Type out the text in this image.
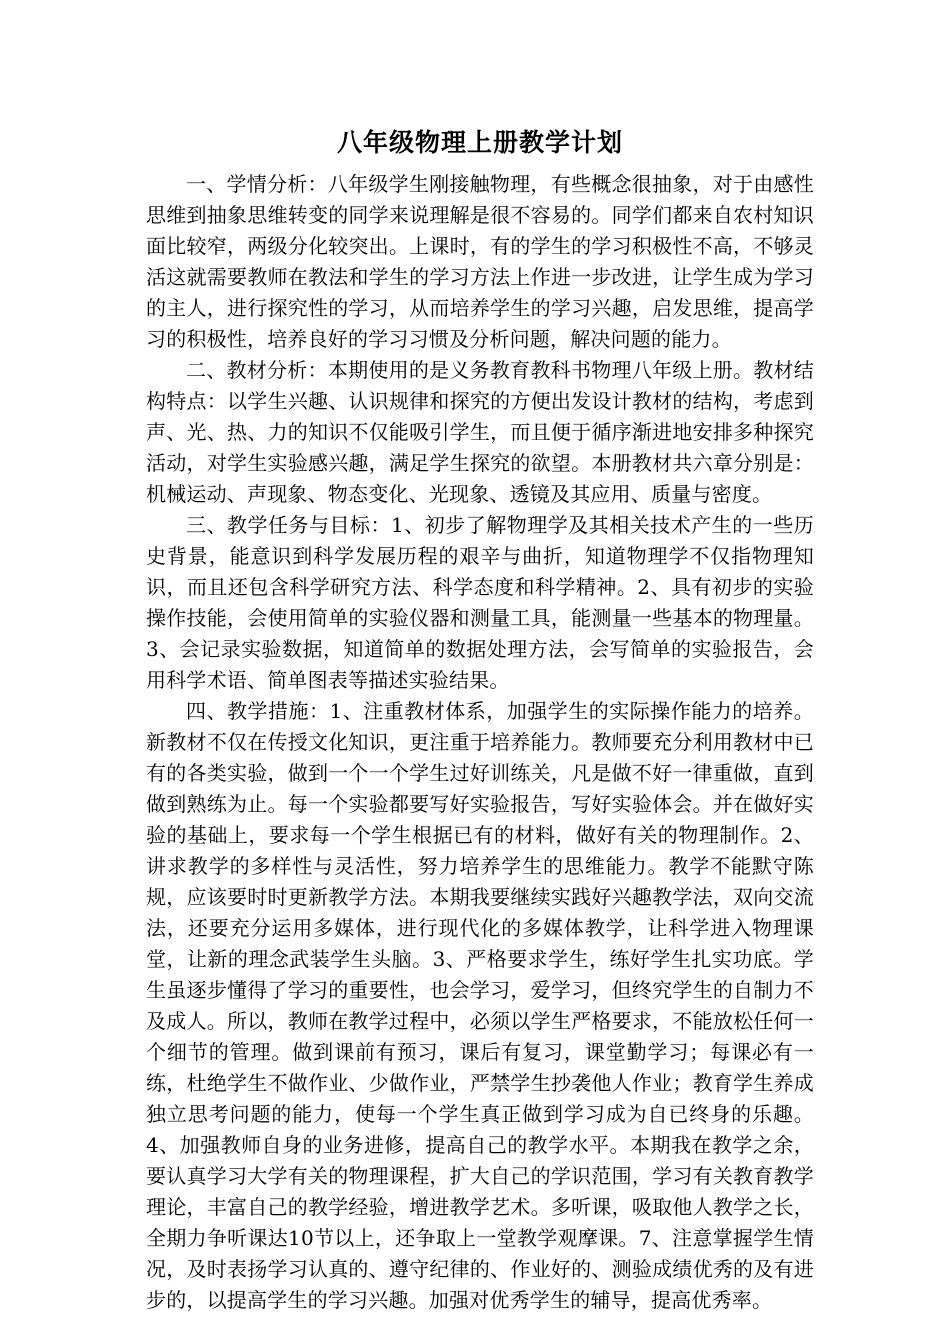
八年级物理上册教学计划

一、学情分析：八年级学生刚接触物理，有些概念很抽象，对于由感性思维到抽象思维转变的同学来说理解是很不容易的。同学们都来自农村知识面比较窄，两级分化较突出。上课时，有的学生的学习积极性不高，不够灵活这就需要教师在教法和学生的学习方法上作进一步改进，让学生成为学习的主人，进行探究性的学习，从而培养学生的学习兴趣，启发思维，提高学习的积极性，培养良好的学习习惯及分析问题，解决问题的能力。

二、教材分析：本期使用的是义务教育教科书物理八年级上册。教材结构特点：以学生兴趣、认识规律和探究的方便出发设计教材的结构，考虑到声、光、热、力的知识不仅能吸引学生，而且便于循序渐进地安排多种探究活动，对学生实验感兴趣，满足学生探究的欲望。本册教材共六章分别是：机械运动、声现象、物态变化、光现象、透镜及其应用、质量与密度。

三、教学任务与目标：1、初步了解物理学及其相关技术产生的一些历史背景，能意识到科学发展历程的艰辛与曲折，知道物理学不仅指物理知识，而且还包含科学研究方法、科学态度和科学精神。2、具有初步的实验操作技能，会使用简单的实验仪器和测量工具，能测量一些基本的物理量。3、会记录实验数据，知道简单的数据处理方法，会写简单的实验报告，会用科学术语、简单图表等描述实验结果。

四、教学措施：1、注重教材体系，加强学生的实际操作能力的培养。新教材不仅在传授文化知识，更注重于培养能力。教师要充分利用教材中已有的各类实验，做到一个一个学生过好训练关，凡是做不好一律重做，直到做到熟练为止。每一个实验都要写好实验报告，写好实验体会。并在做好实验的基础上，要求每一个学生根据已有的材料，做好有关的物理制作。2、讲求教学的多样性与灵活性，努力培养学生的思维能力。教学不能默守陈规，应该要时时更新教学方法。本期我要继续实践好兴趣教学法，双向交流法，还要充分运用多媒体，进行现代化的多媒体教学，让科学进入物理课堂，让新的理念武装学生头脑。3、严格要求学生，练好学生扎实功底。学生虽逐步懂得了学习的重要性，也会学习，爱学习，但终究学生的自制力不及成人。所以，教师在教学过程中，必须以学生严格要求，不能放松任何一个细节的管理。做到课前有预习，课后有复习，课堂勤学习；每课必有一练，杜绝学生不做作业、少做作业，严禁学生抄袭他人作业；教育学生养成独立思考问题的能力，使每一个学生真正做到学习成为自已终身的乐趣。4、加强教师自身的业务进修，提高自己的教学水平。本期我在教学之余，要认真学习大学有关的物理课程，扩大自己的学识范围，学习有关教育教学理论，丰富自己的教学经验，增进教学艺术。多听课，吸取他人教学之长，全期力争听课达10节以上，还争取上一堂教学观摩课。7、注意掌握学生情况，及时表扬学习认真的、遵守纪律的、作业好的、测验成绩优秀的及有进步的，以提高学生的学习兴趣。加强对优秀学生的辅导，提高优秀率。
